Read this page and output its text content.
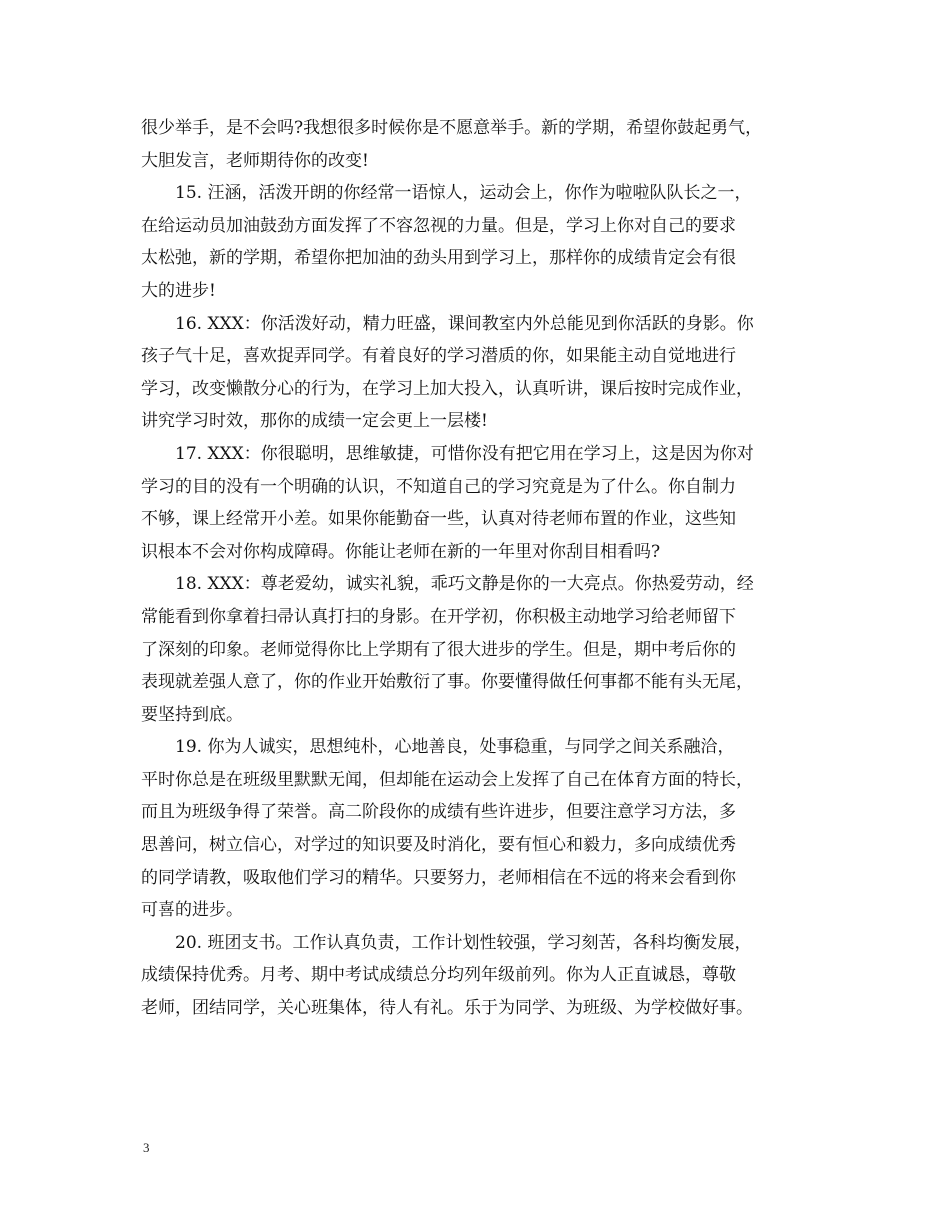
很少举手，是不会吗?我想很多时候你是不愿意举手。新的学期，希望你鼓起勇气，
大胆发言，老师期待你的改变!
15. 汪涵，活泼开朗的你经常一语惊人，运动会上，你作为啦啦队队长之一，
在给运动员加油鼓劲方面发挥了不容忽视的力量。但是，学习上你对自己的要求
太松弛，新的学期，希望你把加油的劲头用到学习上，那样你的成绩肯定会有很
大的进步!
16. XXX：你活泼好动，精力旺盛，课间教室内外总能见到你活跃的身影。你
孩子气十足，喜欢捉弄同学。有着良好的学习潜质的你，如果能主动自觉地进行
学习，改变懒散分心的行为，在学习上加大投入，认真听讲，课后按时完成作业，
讲究学习时效，那你的成绩一定会更上一层楼!
17. XXX：你很聪明，思维敏捷，可惜你没有把它用在学习上，这是因为你对
学习的目的没有一个明确的认识，不知道自己的学习究竟是为了什么。你自制力
不够，课上经常开小差。如果你能勤奋一些，认真对待老师布置的作业，这些知
识根本不会对你构成障碍。你能让老师在新的一年里对你刮目相看吗?
18. XXX：尊老爱幼，诚实礼貌，乖巧文静是你的一大亮点。你热爱劳动，经
常能看到你拿着扫帚认真打扫的身影。在开学初，你积极主动地学习给老师留下
了深刻的印象。老师觉得你比上学期有了很大进步的学生。但是，期中考后你的
表现就差强人意了，你的作业开始敷衍了事。你要懂得做任何事都不能有头无尾，
要坚持到底。
19. 你为人诚实，思想纯朴，心地善良，处事稳重，与同学之间关系融洽，
平时你总是在班级里默默无闻，但却能在运动会上发挥了自己在体育方面的特长，
而且为班级争得了荣誉。高二阶段你的成绩有些许进步，但要注意学习方法，多
思善问，树立信心，对学过的知识要及时消化，要有恒心和毅力，多向成绩优秀
的同学请教，吸取他们学习的精华。只要努力，老师相信在不远的将来会看到你
可喜的进步。
20. 班团支书。工作认真负责，工作计划性较强，学习刻苦，各科均衡发展，
成绩保持优秀。月考、期中考试成绩总分均列年级前列。你为人正直诚恳，尊敬
老师，团结同学，关心班集体，待人有礼。乐于为同学、为班级、为学校做好事。
3
